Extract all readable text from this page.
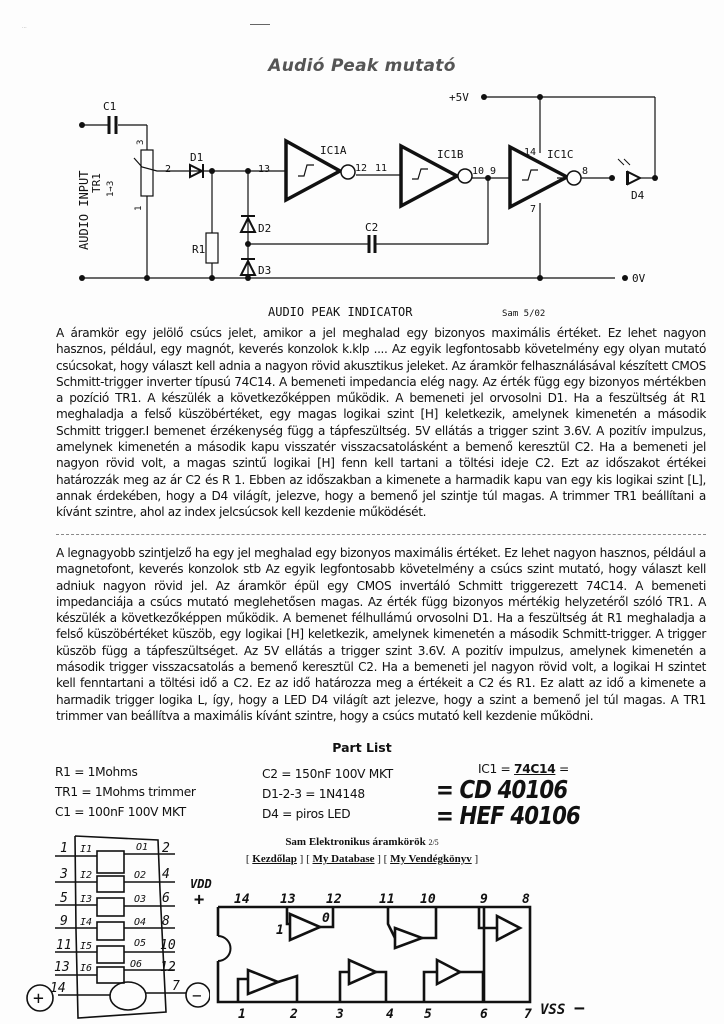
...
Audió Peak mutató
AUDIO INPUT
C1
TR1 1→3
2
3
1
D1
13
IC1A
12 11
IC1B
10 9
14 IC1C
8
7
D2
D3
R1
C2
D4
+5V
0V
AUDIO PEAK INDICATOR	Sam 5/02

A áramkör egy jelölő csúcs jelet, amikor a jel meghalad egy bizonyos maximális értéket. Ez lehet nagyon hasznos, például, egy magnót, keverés konzolok k.klp .... Az egyik legfontosabb követelmény egy olyan mutató csúcsokat, hogy választ kell adnia a nagyon rövid akusztikus jeleket. Az áramkör felhasználásával készített CMOS Schmitt-trigger inverter típusú 74C14. A bemeneti impedancia elég nagy. Az érték függ egy bizonyos mértékben a pozíció TR1. A készülék a következőképpen működik. A bemeneti jel orvosolni D1. Ha a feszültség át R1 meghaladja a felső küszöbértéket, egy magas logikai szint [H] keletkezik, amelynek kimenetén a második Schmitt trigger.I bemenet érzékenység függ a tápfeszültség. 5V ellátás a trigger szint 3.6V. A pozitív impulzus, amelynek kimenetén a második kapu visszatér visszacsatolásként a bemenő keresztül C2. Ha a bemeneti jel nagyon rövid volt, a magas szintű logikai [H] fenn kell tartani a töltési ideje C2. Ezt az időszakot értékei határozzák meg az ár C2 és R 1. Ebben az időszakban a kimenete a harmadik kapu van egy kis logikai szint [L], annak érdekében, hogy a D4 világít, jelezve, hogy a bemenő jel szintje túl magas. A trimmer TR1 beállítani a kívánt szintre, ahol az index jelcsúcsok kell kezdenie működését.

A legnagyobb szintjelző ha egy jel meghalad egy bizonyos maximális értéket. Ez lehet nagyon hasznos, például a magnetofont, keverés konzolok stb Az egyik legfontosabb követelmény a csúcs szint mutató, hogy választ kell adniuk nagyon rövid jel. Az áramkör épül egy CMOS invertáló Schmitt triggerezett 74C14. A bemeneti impedanciája a csúcs mutató meglehetősen magas. Az érték függ bizonyos mértékig helyzetéről szóló TR1. A készülék a következőképpen működik. A bemenet félhullámú orvosolni D1. Ha a feszültség át R1 meghaladja a felső küszöbértéket küszöb, egy logikai [H] keletkezik, amelynek kimenetén a második Schmitt-trigger. A trigger küszöb függ a tápfeszültséget. Az 5V ellátás a trigger szint 3.6V. A pozitív impulzus, amelynek kimenetén a második trigger visszacsatolás a bemenő keresztül C2. Ha a bemeneti jel nagyon rövid volt, a logikai H szintet kell fenntartani a töltési idő a C2. Ez az idő határozza meg a értékeit a C2 és R1. Ez alatt az idő a kimenete a harmadik trigger logika L, így, hogy a LED D4 világít azt jelezve, hogy a szint a bemenő jel túl magas. A TR1 trimmer van beállítva a maximális kívánt szintre, hogy a csúcs mutató kell kezdenie működni.

Part List
R1 = 1Mohms
TR1 = 1Mohms trimmer
C1 = 100nF 100V MKT
C2 = 150nF 100V MKT
D1-2-3 = 1N4148
D4 = piros LED
IC1 = 74C14 =
= CD 40106
= HEF 40106
Sam Elektronikus áramkörök 2/5
[ Kezdőlap ] [ My Database ] [ My Vendégkönyv ]
1 I1	O1 2
3 I2	O2 4
5 I3	O3 6
9 I4	O4 8
11 I5	O5 10
13 I6	O6 12
14	7
+	−
VDD
+ 14 13 12	11 10	9	8
1	2	3	4 5	6	7 VSS −
1
0
